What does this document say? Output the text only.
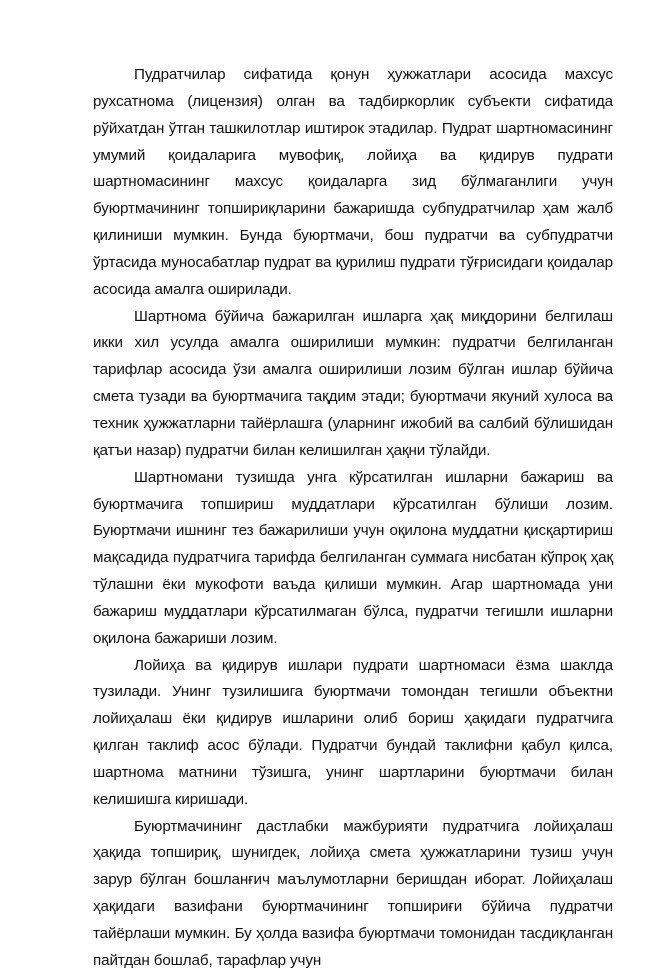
Пудратчилар сифатида қонун ҳужжатлари асосида махсус рухсатнома (лицензия) олган ва тадбиркорлик субъекти сифатида рўйхатдан ўтган ташкилотлар иштирок этадилар. Пудрат шартномасининг умумий қоидаларига мувофиқ, лойиҳа ва қидирув пудрати шартномасининг махсус қоидаларга зид бўлмаганлиги учун буюртмачининг топшириқларини бажаришда субпудратчилар ҳам жалб қилиниши мумкин. Бунда буюртмачи, бош пудратчи ва субпудратчи ўртасида муносабатлар пудрат ва қурилиш пудрати тўғрисидаги қоидалар асосида амалга оширилади.

Шартнома бўйича бажарилган ишларга ҳақ миқдорини белгилаш икки хил усулда амалга оширилиши мумкин: пудратчи белгиланган тарифлар асосида ўзи амалга оширилиши лозим бўлган ишлар бўйича смета тузади ва буюртмачига тақдим этади; буюртмачи якуний хулоса ва техник ҳужжатларни тайёрлашга (уларнинг ижобий ва салбий бўлишидан қатъи назар) пудратчи билан келишилган ҳақни тўлайди.

Шартномани тузишда унга кўрсатилган ишларни бажариш ва буюртмачига топшириш муддатлари кўрсатилган бўлиши лозим. Буюртмачи ишнинг тез бажарилиши учун оқилона муддатни қисқартириш мақсадида пудратчига тарифда белгиланган суммага нисбатан кўпроқ ҳақ тўлашни ёки мукофоти ваъда қилиши мумкин. Агар шартномада уни бажариш муддатлари кўрсатилмаган бўлса, пудратчи тегишли ишларни оқилона бажариши лозим.

Лойиҳа ва қидирув ишлари пудрати шартномаси ёзма шаклда тузилади. Унинг тузилишига буюртмачи томондан тегишли объектни лойиҳалаш ёки қидирув ишларини олиб бориш ҳақидаги пудратчига қилган таклиф асос бўлади. Пудратчи бундай таклифни қабул қилса, шартнома матнини тўзишга, унинг шартларини буюртмачи билан келишишга киришади.

Буюртмачининг дастлабки мажбурияти пудратчига лойиҳалаш ҳақида топшириқ, шунигдек, лойиҳа смета ҳужжатларини тузиш учун зарур бўлган бошланғич маълумотларни беришдан иборат. Лойиҳалаш ҳақидаги вазифани буюртмачининг топшириғи бўйича пудратчи тайёрлаши мумкин. Бу ҳолда вазифа буюртмачи томонидан тасдиқланган пайтдан бошлаб, тарафлар учун
